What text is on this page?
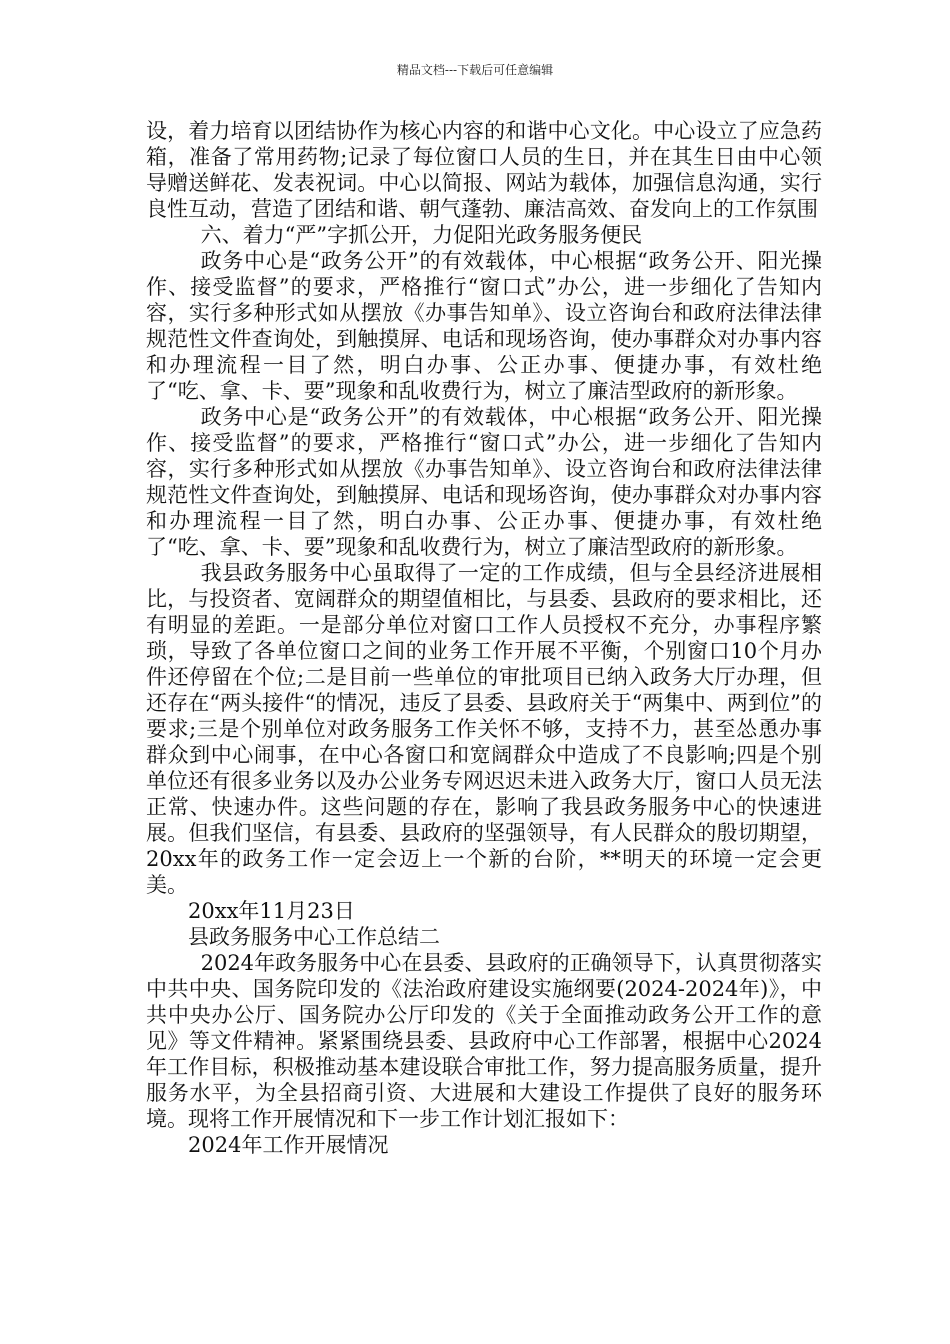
精品文档---下载后可任意编辑

设，着力培育以团结协作为核心内容的和谐中心文化。中心设立了应急药箱，准备了常用药物;记录了每位窗口人员的生日，并在其生日由中心领导赠送鲜花、发表祝词。中心以简报、网站为载体，加强信息沟通，实行良性互动，营造了团结和谐、朝气蓬勃、廉洁高效、奋发向上的工作氛围

六、着力“严”字抓公开，力促阳光政务服务便民

政务中心是“政务公开”的有效载体，中心根据“政务公开、阳光操作、接受监督”的要求，严格推行“窗口式”办公，进一步细化了告知内容，实行多种形式如从摆放《办事告知单》、设立咨询台和政府法律法律规范性文件查询处，到触摸屏、电话和现场咨询，使办事群众对办事内容和办理流程一目了然，明白办事、公正办事、便捷办事，有效杜绝了“吃、拿、卡、要”现象和乱收费行为，树立了廉洁型政府的新形象。

政务中心是“政务公开”的有效载体，中心根据“政务公开、阳光操作、接受监督”的要求，严格推行“窗口式”办公，进一步细化了告知内容，实行多种形式如从摆放《办事告知单》、设立咨询台和政府法律法律规范性文件查询处，到触摸屏、电话和现场咨询，使办事群众对办事内容和办理流程一目了然，明白办事、公正办事、便捷办事，有效杜绝了“吃、拿、卡、要”现象和乱收费行为，树立了廉洁型政府的新形象。

我县政务服务中心虽取得了一定的工作成绩，但与全县经济进展相比，与投资者、宽阔群众的期望值相比，与县委、县政府的要求相比，还有明显的差距。一是部分单位对窗口工作人员授权不充分，办事程序繁琐，导致了各单位窗口之间的业务工作开展不平衡，个别窗口10个月办件还停留在个位;二是目前一些单位的审批项目已纳入政务大厅办理，但还存在“两头接件“的情况，违反了县委、县政府关于“两集中、两到位”的要求;三是个别单位对政务服务工作关怀不够，支持不力，甚至怂恿办事群众到中心闹事，在中心各窗口和宽阔群众中造成了不良影响;四是个别单位还有很多业务以及办公业务专网迟迟未进入政务大厅，窗口人员无法正常、快速办件。这些问题的存在，影响了我县政务服务中心的快速进展。但我们坚信，有县委、县政府的坚强领导，有人民群众的殷切期望，20xx年的政务工作一定会迈上一个新的台阶，**明天的环境一定会更美。

20xx年11月23日

县政务服务中心工作总结二

2024年政务服务中心在县委、县政府的正确领导下，认真贯彻落实中共中央、国务院印发的《法治政府建设实施纲要(2024-2024年)》，中共中央办公厅、国务院办公厅印发的《关于全面推动政务公开工作的意见》等文件精神。紧紧围绕县委、县政府中心工作部署，根据中心2024年工作目标，积极推动基本建设联合审批工作，努力提高服务质量，提升服务水平，为全县招商引资、大进展和大建设工作提供了良好的服务环境。现将工作开展情况和下一步工作计划汇报如下：

2024年工作开展情况
